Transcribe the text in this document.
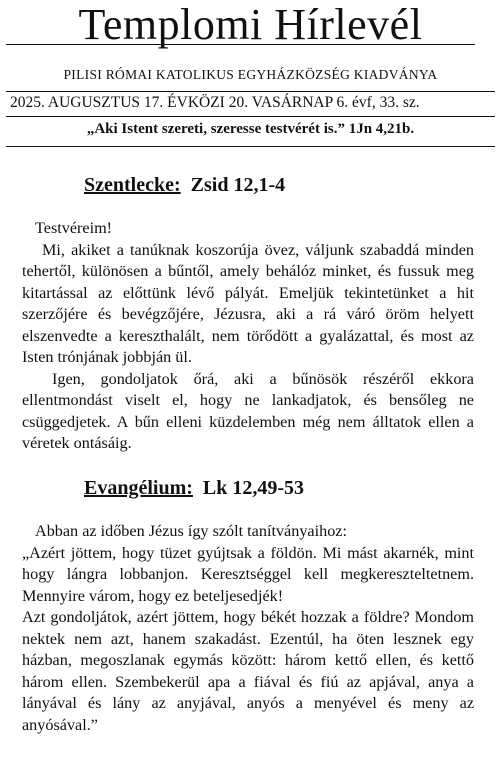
Templomi Hírlevél
PILISI RÓMAI KATOLIKUS EGYHÁZKÖZSÉG KIADVÁNYA

2025. AUGUSZTUS 17. ÉVKÖZI 20. VASÁRNAP 6. évf, 33. sz.
„Aki Istent szereti, szeresse testvérét is.” 1Jn 4,21b.
Szentlecke: Zsid 12,1-4

Testvéreim!

Mi, akiket a tanúknak koszorúja övez, váljunk szabaddá minden tehertől, különösen a bűntől, amely behálóz minket, és fussuk meg kitartással az előttünk lévő pályát. Emeljük tekintetünket a hit szerzőjére és bevégzőjére, Jézusra, aki a rá váró öröm helyett elszenvedte a kereszthalált, nem törődött a gyalázattal, és most az Isten trónjának jobbján ül.

Igen, gondoljatok őrá, aki a bűnösök részéről ekkora ellentmondást viselt el, hogy ne lankadjatok, és bensőleg ne csüggedjetek. A bűn elleni küzdelemben még nem álltatok ellen a véretek ontásáig.

Evangélium: Lk 12,49-53

Abban az időben Jézus így szólt tanítványaihoz:

„Azért jöttem, hogy tüzet gyújtsak a földön. Mi mást akarnék, mint hogy lángra lobbanjon. Keresztséggel kell megkereszteltetnem. Mennyire várom, hogy ez beteljesedjék!

Azt gondoljátok, azért jöttem, hogy békét hozzak a földre? Mondom nektek nem azt, hanem szakadást. Ezentúl, ha öten lesznek egy házban, megoszlanak egymás között: három kettő ellen, és kettő három ellen. Szembekerül apa a fiával és fiú az apjával, anya a lányával és lány az anyjával, anyós a menyével és meny az anyósával.”
